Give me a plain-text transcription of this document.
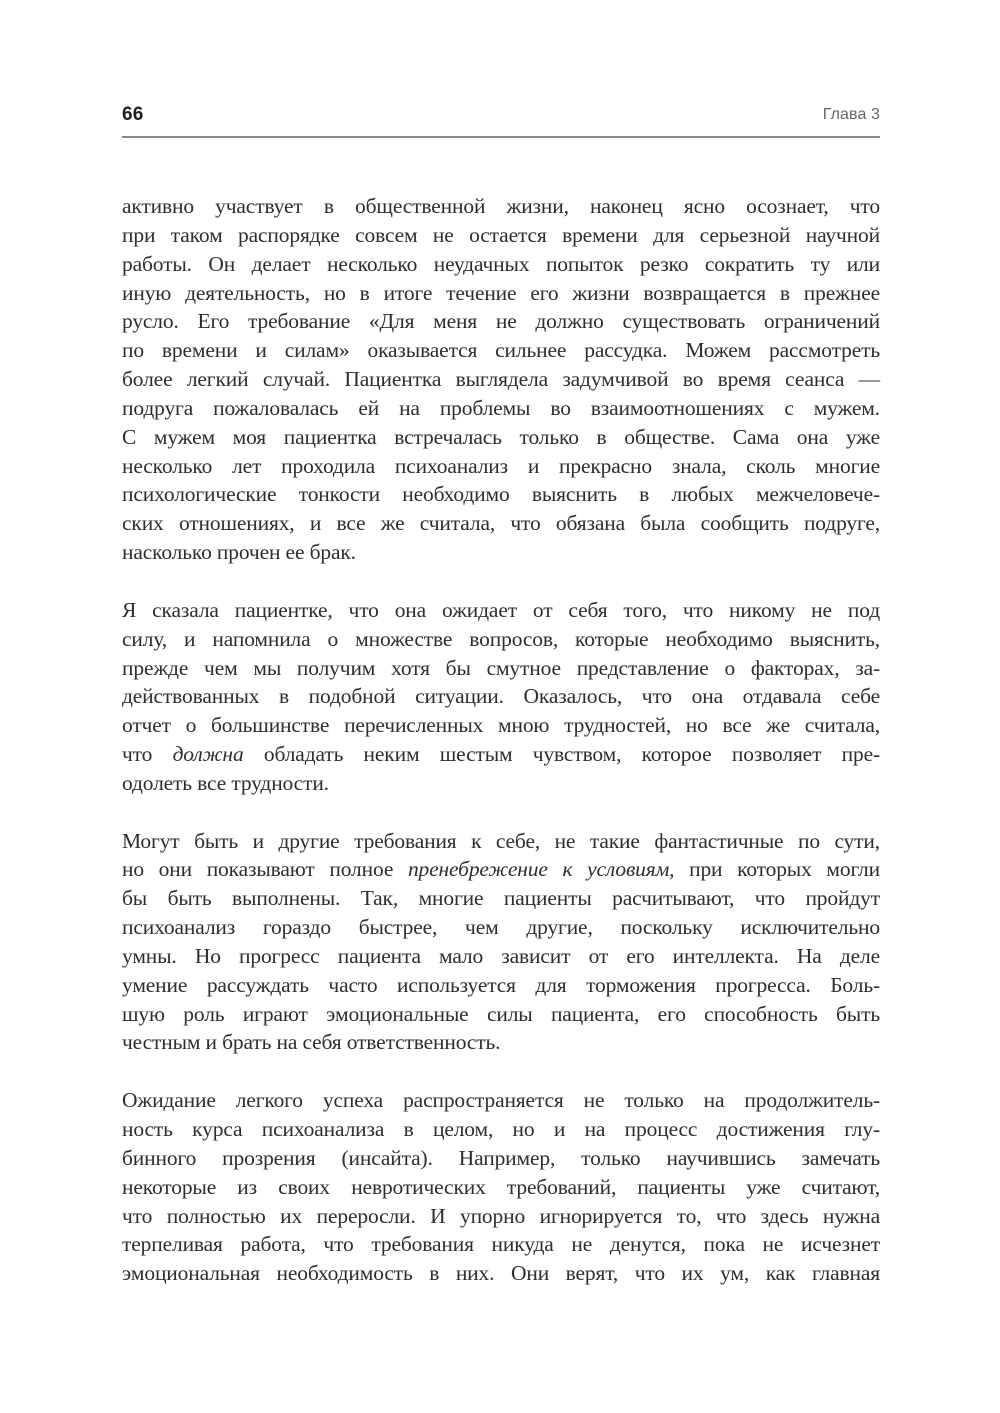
66	Глава 3

активно участвует в общественной жизни, наконец ясно осознает, что
при таком распорядке совсем не остается времени для серьезной научной
работы. Он делает несколько неудачных попыток резко сократить ту или
иную деятельность, но в итоге течение его жизни возвращается в прежнее
русло. Его требование «Для меня не должно существовать ограничений
по времени и силам» оказывается сильнее рассудка. Можем рассмотреть
более легкий случай. Пациентка выглядела задумчивой во время сеанса —
подруга пожаловалась ей на проблемы во взаимоотношениях с мужем.
С мужем моя пациентка встречалась только в обществе. Сама она уже
несколько лет проходила психоанализ и прекрасно знала, сколь многие
психологические тонкости необходимо выяснить в любых межчеловече-
ских отношениях, и все же считала, что обязана была сообщить подруге,
насколько прочен ее брак.

Я сказала пациентке, что она ожидает от себя того, что никому не под
силу, и напомнила о множестве вопросов, которые необходимо выяснить,
прежде чем мы получим хотя бы смутное представление о факторах, за-
действованных в подобной ситуации. Оказалось, что она отдавала себе
отчет о большинстве перечисленных мною трудностей, но все же считала,
что должна обладать неким шестым чувством, которое позволяет пре-
одолеть все трудности.

Могут быть и другие требования к себе, не такие фантастичные по сути,
но они показывают полное пренебрежение к условиям, при которых могли
бы быть выполнены. Так, многие пациенты расчитывают, что пройдут
психоанализ гораздо быстрее, чем другие, поскольку исключительно
умны. Но прогресс пациента мало зависит от его интеллекта. На деле
умение рассуждать часто используется для торможения прогресса. Боль-
шую роль играют эмоциональные силы пациента, его способность быть
честным и брать на себя ответственность.

Ожидание легкого успеха распространяется не только на продолжитель-
ность курса психоанализа в целом, но и на процесс достижения глу-
бинного прозрения (инсайта). Например, только научившись замечать
некоторые из своих невротических требований, пациенты уже считают,
что полностью их переросли. И упорно игнорируется то, что здесь нужна
терпеливая работа, что требования никуда не денутся, пока не исчезнет
эмоциональная необходимость в них. Они верят, что их ум, как главная
